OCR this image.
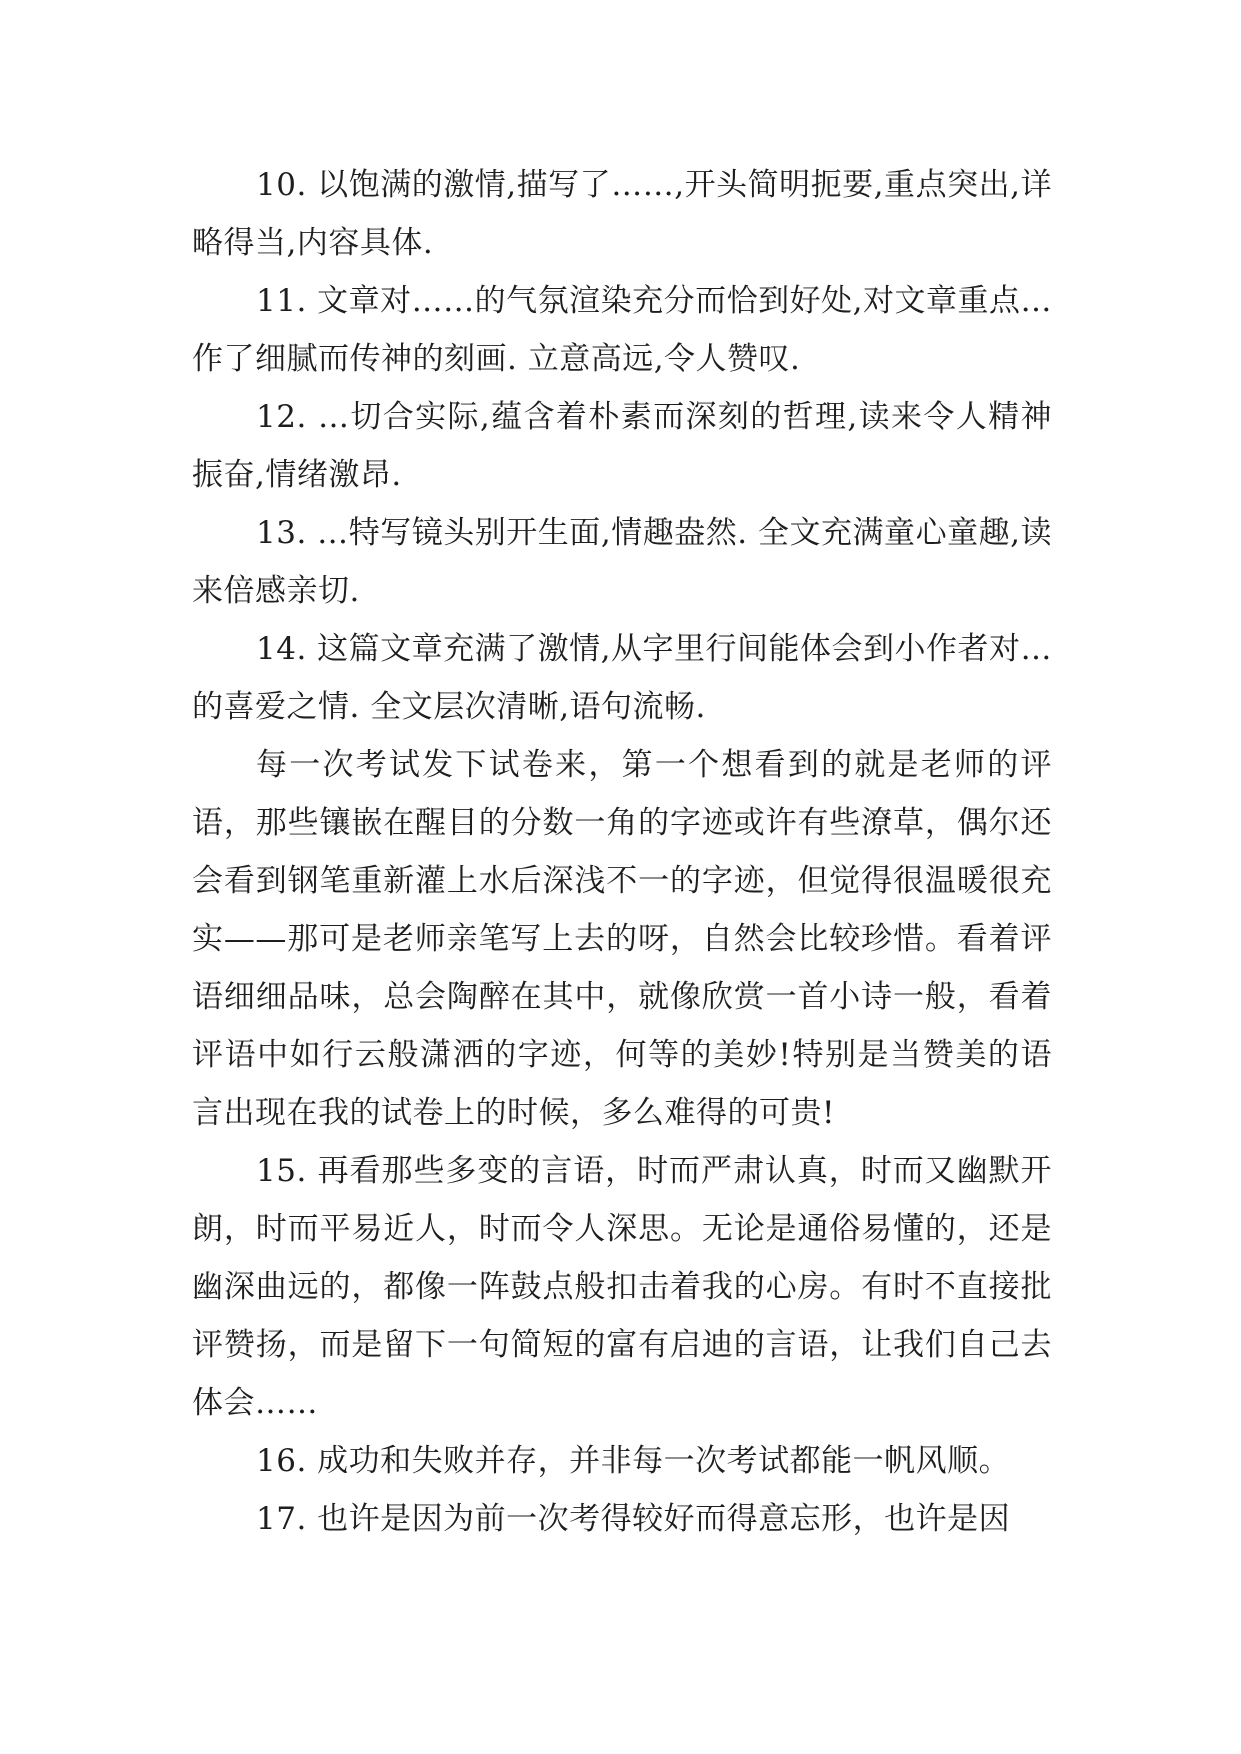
10. 以饱满的激情,描写了……,开头简明扼要,重点突出,详略得当,内容具体.

11. 文章对……的气氛渲染充分而恰到好处,对文章重点…作了细腻而传神的刻画. 立意高远,令人赞叹.

12. …切合实际,蕴含着朴素而深刻的哲理,读来令人精神振奋,情绪激昂.

13. …特写镜头别开生面,情趣盎然. 全文充满童心童趣,读来倍感亲切.

14. 这篇文章充满了激情,从字里行间能体会到小作者对…的喜爱之情. 全文层次清晰,语句流畅.

每一次考试发下试卷来，第一个想看到的就是老师的评语，那些镶嵌在醒目的分数一角的字迹或许有些潦草，偶尔还会看到钢笔重新灌上水后深浅不一的字迹，但觉得很温暖很充实——那可是老师亲笔写上去的呀，自然会比较珍惜。看着评语细细品味，总会陶醉在其中，就像欣赏一首小诗一般，看着评语中如行云般潇洒的字迹，何等的美妙!特别是当赞美的语言出现在我的试卷上的时候，多么难得的可贵!

15. 再看那些多变的言语，时而严肃认真，时而又幽默开朗，时而平易近人，时而令人深思。无论是通俗易懂的，还是幽深曲远的，都像一阵鼓点般扣击着我的心房。有时不直接批评赞扬，而是留下一句简短的富有启迪的言语，让我们自己去体会……

16. 成功和失败并存，并非每一次考试都能一帆风顺。

17. 也许是因为前一次考得较好而得意忘形，也许是因
